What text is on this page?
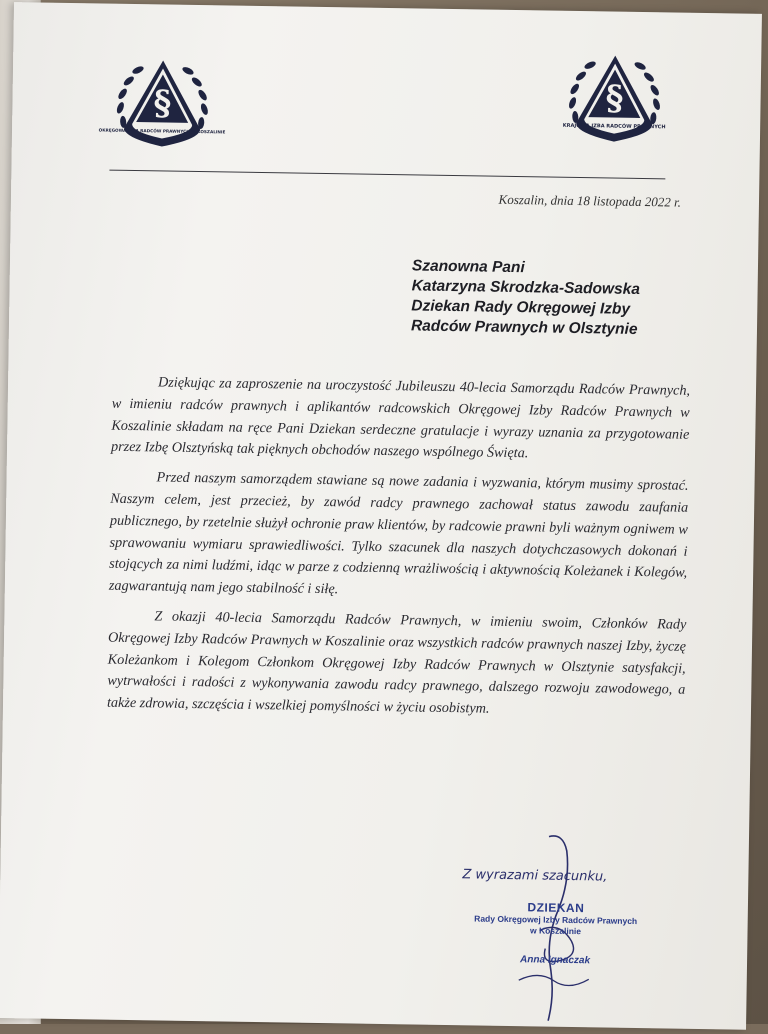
§
OKRĘGOWA IZBA RADCÓW PRAWNYCH W KOSZALINIE
§
KRAJOWA IZBA RADCÓW PRAWNYCH
Koszalin, dnia 18 listopada 2022 r.
Szanowna Pani
Katarzyna Skrodzka-Sadowska
Dziekan Rady Okręgowej Izby
Radców Prawnych w Olsztynie

Dziękując za zaproszenie na uroczystość Jubileuszu 40-lecia Samorządu Radców Prawnych, w imieniu radców prawnych i aplikantów radcowskich Okręgowej Izby Radców Prawnych w Koszalinie składam na ręce Pani Dziekan serdeczne gratulacje i wyrazy uznania za przygotowanie przez Izbę Olsztyńską tak pięknych obchodów naszego wspólnego Święta.

Przed naszym samorządem stawiane są nowe zadania i wyzwania, którym musimy sprostać. Naszym celem, jest przecież, by zawód radcy prawnego zachował status zawodu zaufania publicznego, by rzetelnie służył ochronie praw klientów, by radcowie prawni byli ważnym ogniwem w sprawowaniu wymiaru sprawiedliwości. Tylko szacunek dla naszych dotychczasowych dokonań i stojących za nimi ludźmi, idąc w parze z codzienną wrażliwością i aktywnością Koleżanek i Kolegów, zagwarantują nam jego stabilność i siłę.

Z okazji 40-lecia Samorządu Radców Prawnych, w imieniu swoim, Członków Rady Okręgowej Izby Radców Prawnych w Koszalinie oraz wszystkich radców prawnych naszej Izby, życzę Koleżankom i Kolegom Członkom Okręgowej Izby Radców Prawnych w Olsztynie satysfakcji, wytrwałości i radości z wykonywania zawodu radcy prawnego, dalszego rozwoju zawodowego, a także zdrowia, szczęścia i wszelkiej pomyślności w życiu osobistym.

Z wyrazami szacunku,
DZIEKAN
Rady Okręgowej Izby Radców Prawnych
w Koszalinie
Anna Ignaczak
